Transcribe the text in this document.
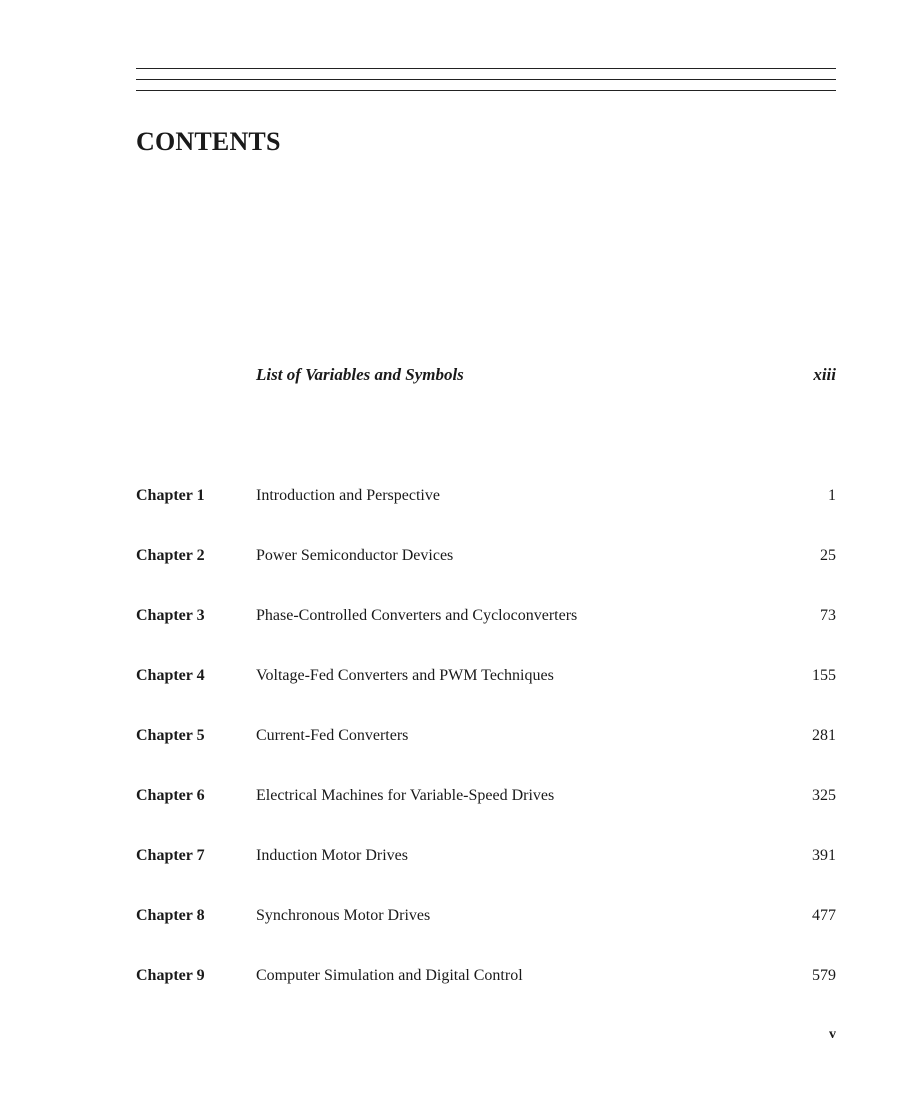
CONTENTS
List of Variables and Symbols	xiii
Chapter 1	Introduction and Perspective	1
Chapter 2	Power Semiconductor Devices	25
Chapter 3	Phase-Controlled Converters and Cycloconverters	73
Chapter 4	Voltage-Fed Converters and PWM Techniques	155
Chapter 5	Current-Fed Converters	281
Chapter 6	Electrical Machines for Variable-Speed Drives	325
Chapter 7	Induction Motor Drives	391
Chapter 8	Synchronous Motor Drives	477
Chapter 9	Computer Simulation and Digital Control	579
v
